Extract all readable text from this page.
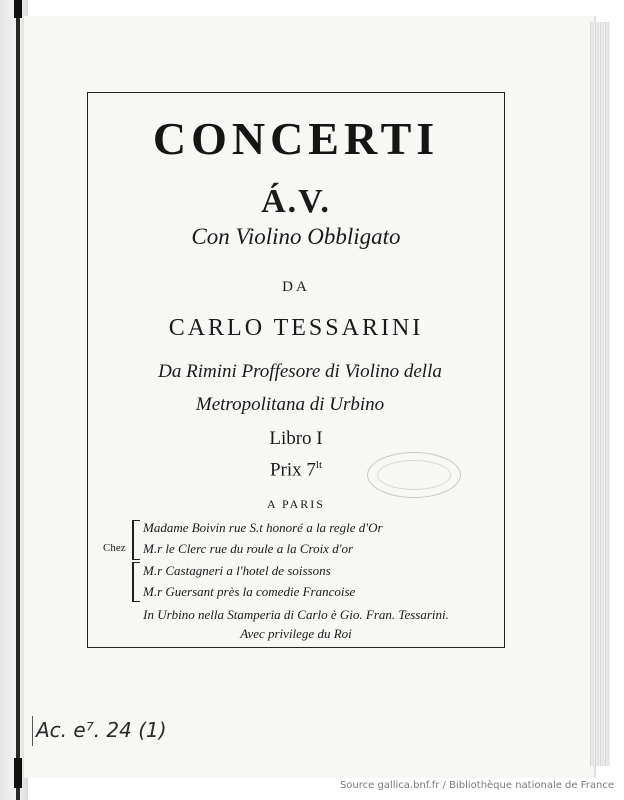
CONCERTI
Á.V.
Con Violino Obbligato
DA
CARLO TESSARINI
Da Rimini Proffesore di Violino della
Metropolitana di Urbino
Libro I
Prix $7^{lt}$
A PARIS
Chez
Madame Boivin rue S.t honoré a la regle d'Or
M.r le Clerc rue du roule a la Croix d'or
M.r Castagneri a l'hotel de soissons
M.r Guersant près la comedie Francoise
In Urbino nella Stamperia di Carlo è Gio. Fran. Tessarini.
Avec privilege du Roi
Ac. e⁷. 24 (1)
Source gallica.bnf.fr / Bibliothèque nationale de France
